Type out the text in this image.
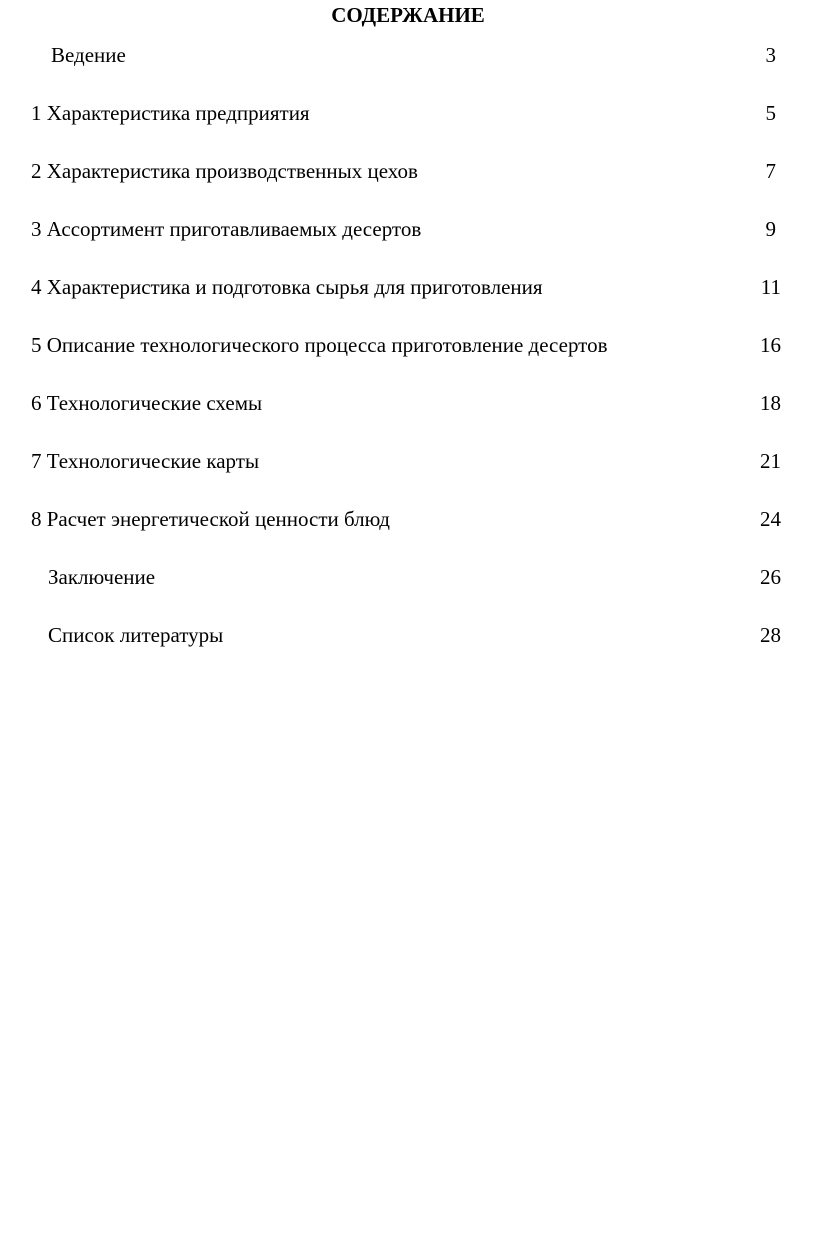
СОДЕРЖАНИЕ
Ведение	3
1 Характеристика предприятия	5
2 Характеристика производственных цехов	7
3 Ассортимент приготавливаемых десертов	9
4 Характеристика и подготовка сырья для приготовления	11
5 Описание технологического процесса приготовление десертов	16
6 Технологические схемы	18
7 Технологические карты	21
8 Расчет энергетической ценности блюд	24
Заключение	26
Список литературы	28
